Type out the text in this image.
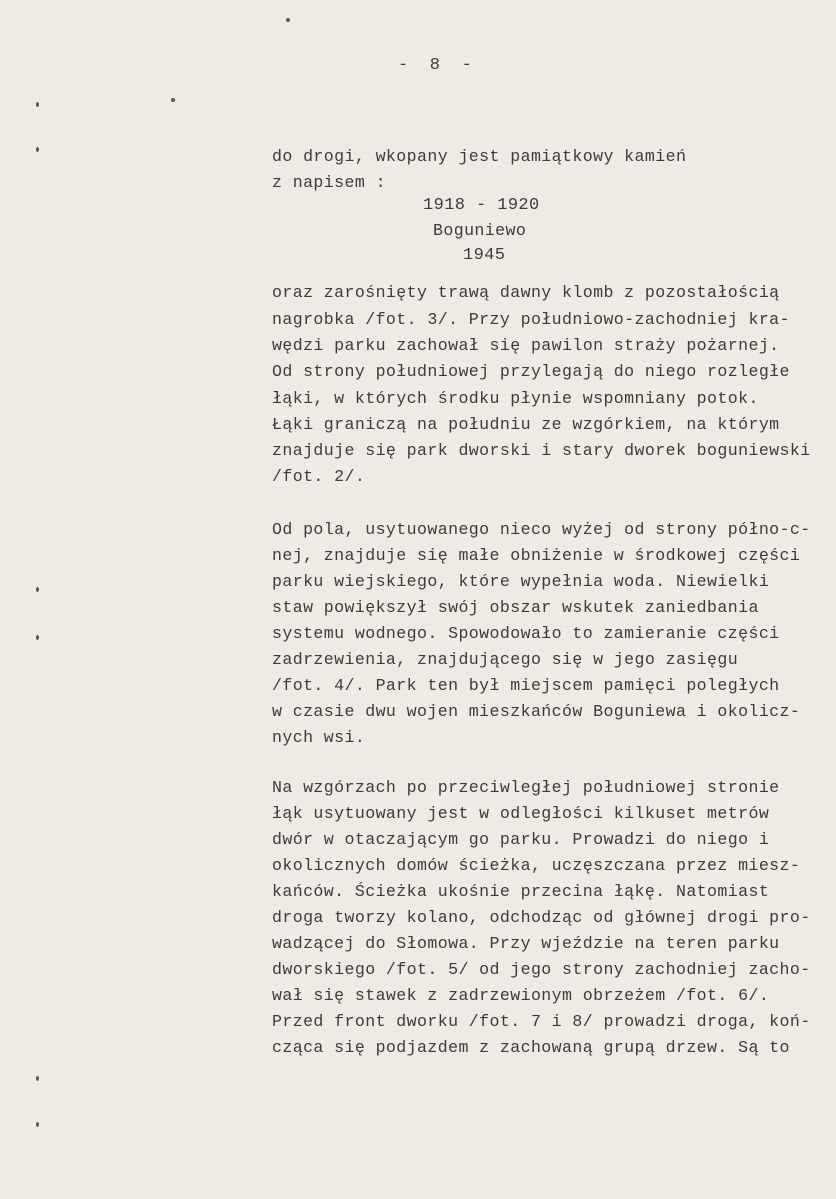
-  8  -

do drogi, wkopany jest pamiątkowy kamień

z napisem :

1918 - 1920
Boguniewo
1945

oraz zarośnięty trawą dawny klomb z pozostałością

nagrobka /fot. 3/. Przy południowo-zachodniej kra-

wędzi parku zachował się pawilon straży pożarnej.

Od strony południowej przylegają do niego rozległe

łąki, w których środku płynie wspomniany potok.

Łąki graniczą na południu ze wzgórkiem, na którym

znajduje się park dworski i stary dworek boguniewski

/fot. 2/.

Od pola, usytuowanego nieco wyżej od strony półno-c-

nej, znajduje się małe obniżenie w środkowej części

parku wiejskiego, które wypełnia woda. Niewielki

staw powiększył swój obszar wskutek zaniedbania

systemu wodnego. Spowodowało to zamieranie części

zadrzewienia, znajdującego się w jego zasięgu

/fot. 4/. Park ten był miejscem pamięci poległych

w czasie dwu wojen mieszkańców Boguniewa i okolicz-

nych wsi.

Na wzgórzach po przeciwległej południowej stronie

łąk usytuowany jest w odległości kilkuset metrów

dwór w otaczającym go parku. Prowadzi do niego i

okolicznych domów ścieżka, uczęszczana przez miesz-

kańców. Ścieżka ukośnie przecina łąkę. Natomiast

droga tworzy kolano, odchodząc od głównej drogi pro-

wadzącej do Słomowa. Przy wjeździe na teren parku

dworskiego /fot. 5/ od jego strony zachodniej zacho-

wał się stawek z zadrzewionym obrzeżem /fot. 6/.

Przed front dworku /fot. 7 i 8/ prowadzi droga, koń-

cząca się podjazdem z zachowaną grupą drzew. Są to
